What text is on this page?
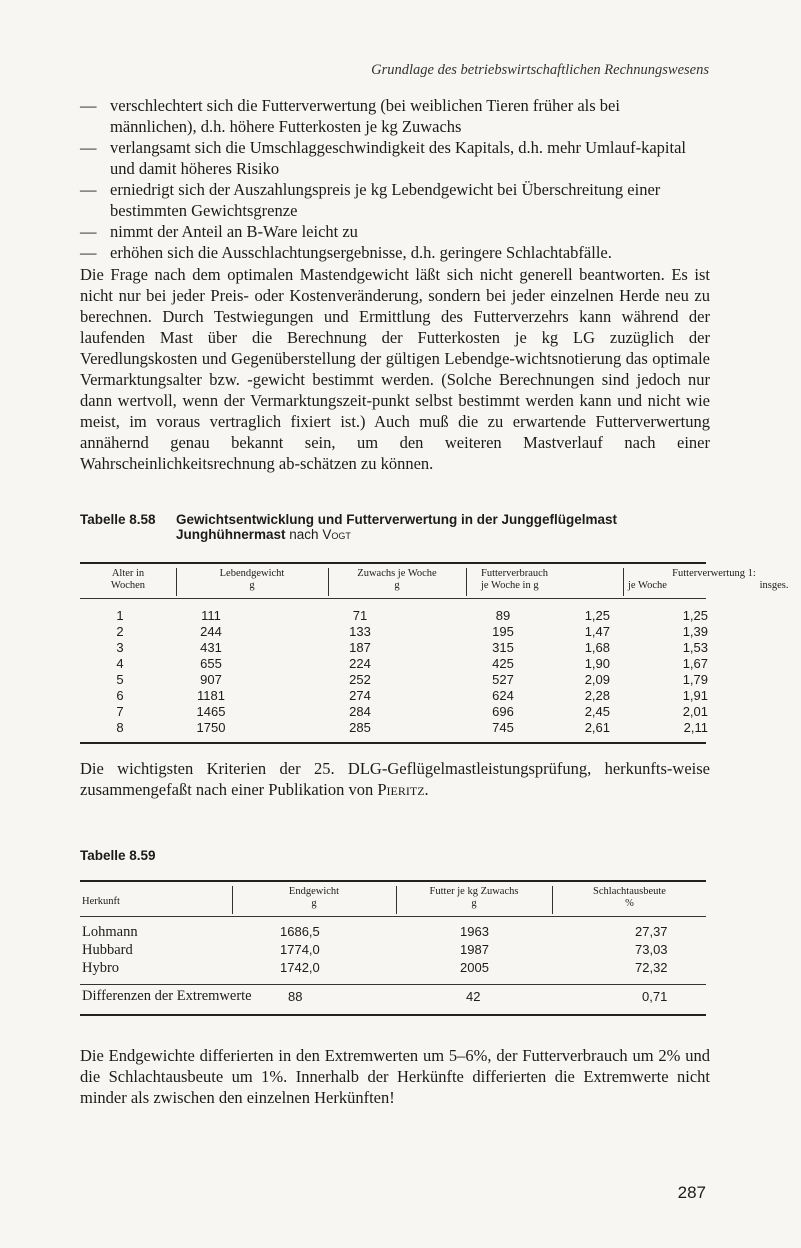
Grundlage des betriebswirtschaftlichen Rechnungswesens
— verschlechtert sich die Futterverwertung (bei weiblichen Tieren früher als bei männlichen), d.h. höhere Futterkosten je kg Zuwachs
— verlangsamt sich die Umschlaggeschwindigkeit des Kapitals, d.h. mehr Umlauf-kapital und damit höheres Risiko
— erniedrigt sich der Auszahlungspreis je kg Lebendgewicht bei Überschreitung einer bestimmten Gewichtsgrenze
— nimmt der Anteil an B-Ware leicht zu
— erhöhen sich die Ausschlachtungsergebnisse, d.h. geringere Schlachtabfälle.
Die Frage nach dem optimalen Mastendgewicht läßt sich nicht generell beantworten. Es ist nicht nur bei jeder Preis- oder Kostenveränderung, sondern bei jeder einzelnen Herde neu zu berechnen. Durch Testwiegungen und Ermittlung des Futterverzehrs kann während der laufenden Mast über die Berechnung der Futterkosten je kg LG zuzüglich der Veredlungskosten und Gegenüberstellung der gültigen Lebendge-wichtsnotierung das optimale Vermarktungsalter bzw. -gewicht bestimmt werden. (Solche Berechnungen sind jedoch nur dann wertvoll, wenn der Vermarktungszeit-punkt selbst bestimmt werden kann und nicht wie meist, im voraus vertraglich fixiert ist.) Auch muß die zu erwartende Futterverwertung annähernd genau bekannt sein, um den weiteren Mastverlauf nach einer Wahrscheinlichkeitsrechnung ab-schätzen zu können.
Tabelle 8.58 Gewichtsentwicklung und Futterverwertung in der Junggeflügelmast
Junghühnermast nach Vogt
Alter in
Wochen
Lebendgewicht
g
Zuwachs je Woche
g
Futterverbrauch
je Woche in g
Futterverwertung 1:
je Woche	insges.
1	111	71	89	1,25	1,25
2	244	133	195	1,47	1,39
3	431	187	315	1,68	1,53
4	655	224	425	1,90	1,67
5	907	252	527	2,09	1,79
6	1181	274	624	2,28	1,91
7	1465	284	696	2,45	2,01
8	1750	285	745	2,61	2,11
Die wichtigsten Kriterien der 25. DLG-Geflügelmastleistungsprüfung, herkunfts-weise zusammengefaßt nach einer Publikation von Pieritz.
Tabelle 8.59
Herkunft
Endgewicht
g
Futter je kg Zuwachs
g
Schlachtausbeute
%
Lohmann	1686,5	1963	27,37
Hubbard	1774,0	1987	73,03
Hybro	1742,0	2005	72,32
Differenzen der Extremwerte	88	42	0,71
Die Endgewichte differierten in den Extremwerten um 5–6%, der Futterverbrauch um 2% und die Schlachtausbeute um 1%. Innerhalb der Herkünfte differierten die Extremwerte nicht minder als zwischen den einzelnen Herkünften!
287
